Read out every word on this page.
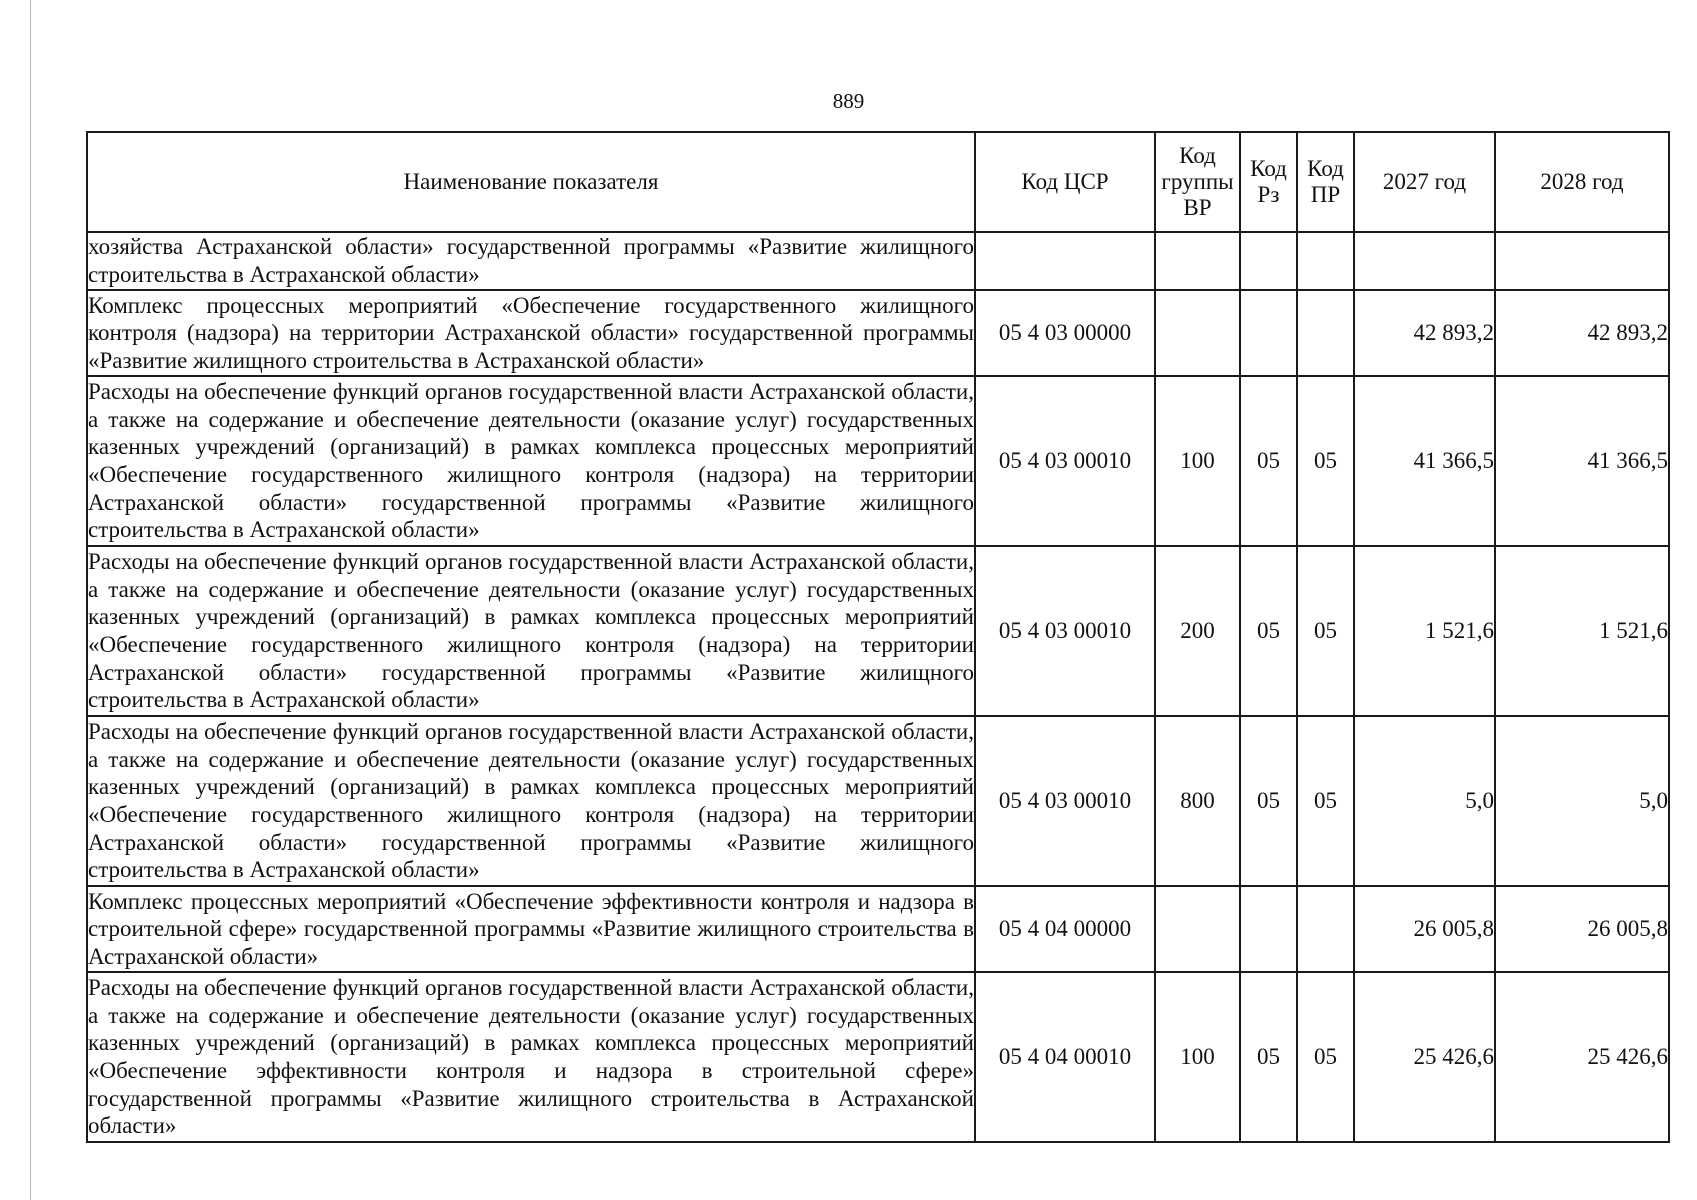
889
Наименование показателя	Код ЦСР	Код группы ВР	Код Рз	Код ПР	2027 год	2028 год
хозяйства Астраханской области» государственной программы «Развитие жилищного строительства в Астраханской области»						
Комплекс процессных мероприятий «Обеспечение государственного жилищного контроля (надзора) на территории Астраханской области» государственной программы «Развитие жилищного строительства в Астраханской области»	05 4 03 00000				42 893,2	42 893,2
Расходы на обеспечение функций органов государственной власти Астраханской области, а также на содержание и обеспечение деятельности (оказание услуг) государственных казенных учреждений (организаций) в рамках комплекса процессных мероприятий «Обеспечение государственного жилищного контроля (надзора) на территории Астраханской области» государственной программы «Развитие жилищного строительства в Астраханской области»	05 4 03 00010	100	05	05	41 366,5	41 366,5
Расходы на обеспечение функций органов государственной власти Астраханской области, а также на содержание и обеспечение деятельности (оказание услуг) государственных казенных учреждений (организаций) в рамках комплекса процессных мероприятий «Обеспечение государственного жилищного контроля (надзора) на территории Астраханской области» государственной программы «Развитие жилищного строительства в Астраханской области»	05 4 03 00010	200	05	05	1 521,6	1 521,6
Расходы на обеспечение функций органов государственной власти Астраханской области, а также на содержание и обеспечение деятельности (оказание услуг) государственных казенных учреждений (организаций) в рамках комплекса процессных мероприятий «Обеспечение государственного жилищного контроля (надзора) на территории Астраханской области» государственной программы «Развитие жилищного строительства в Астраханской области»	05 4 03 00010	800	05	05	5,0	5,0
Комплекс процессных мероприятий «Обеспечение эффективности контроля и надзора в строительной сфере» государственной программы «Развитие жилищного строительства в Астраханской области»	05 4 04 00000				26 005,8	26 005,8
Расходы на обеспечение функций органов государственной власти Астраханской области, а также на содержание и обеспечение деятельности (оказание услуг) государственных казенных учреждений (организаций) в рамках комплекса процессных мероприятий «Обеспечение эффективности контроля и надзора в строительной сфере» государственной программы «Развитие жилищного строительства в Астраханской области»	05 4 04 00010	100	05	05	25 426,6	25 426,6
